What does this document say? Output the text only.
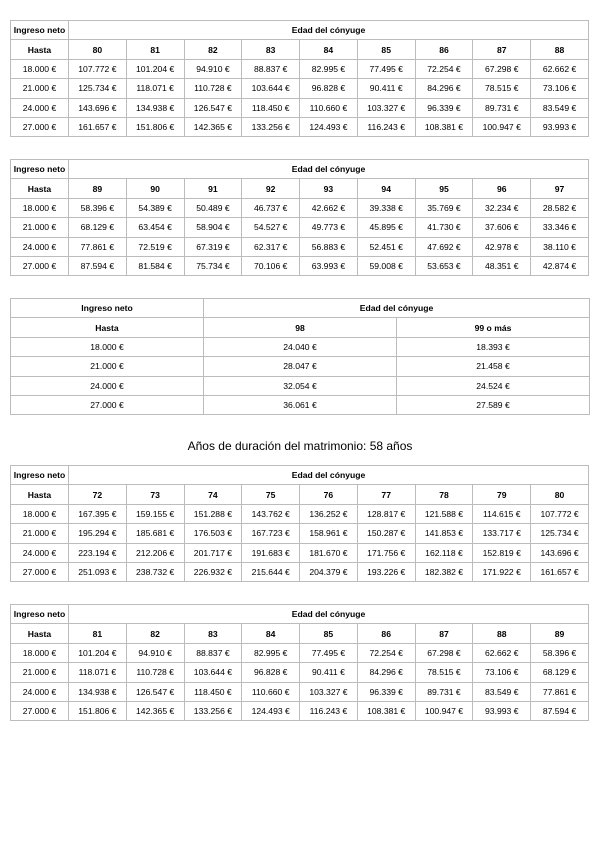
Ingreso neto	Edad del cónyuge								
Hasta	80	81	82	83	84	85	86	87	88
18.000 €	107.772 €	101.204 €	94.910 €	88.837 €	82.995 €	77.495 €	72.254 €	67.298 €	62.662 €
21.000 €	125.734 €	118.071 €	110.728 €	103.644 €	96.828 €	90.411 €	84.296 €	78.515 €	73.106 €
24.000 €	143.696 €	134.938 €	126.547 €	118.450 €	110.660 €	103.327 €	96.339 €	89.731 €	83.549 €
27.000 €	161.657 €	151.806 €	142.365 €	133.256 €	124.493 €	116.243 €	108.381 €	100.947 €	93.993 €
Ingreso neto	Edad del cónyuge								
Hasta	89	90	91	92	93	94	95	96	97
18.000 €	58.396 €	54.389 €	50.489 €	46.737 €	42.662 €	39.338 €	35.769 €	32.234 €	28.582 €
21.000 €	68.129 €	63.454 €	58.904 €	54.527 €	49.773 €	45.895 €	41.730 €	37.606 €	33.346 €
24.000 €	77.861 €	72.519 €	67.319 €	62.317 €	56.883 €	52.451 €	47.692 €	42.978 €	38.110 €
27.000 €	87.594 €	81.584 €	75.734 €	70.106 €	63.993 €	59.008 €	53.653 €	48.351 €	42.874 €
Ingreso neto	Edad del cónyuge	
Hasta	98	99 o más
18.000 €	24.040 €	18.393 €
21.000 €	28.047 €	21.458 €
24.000 €	32.054 €	24.524 €
27.000 €	36.061 €	27.589 €
Años de duración del matrimonio: 58 años
Ingreso neto	Edad del cónyuge								
Hasta	72	73	74	75	76	77	78	79	80
18.000 €	167.395 €	159.155 €	151.288 €	143.762 €	136.252 €	128.817 €	121.588 €	114.615 €	107.772 €
21.000 €	195.294 €	185.681 €	176.503 €	167.723 €	158.961 €	150.287 €	141.853 €	133.717 €	125.734 €
24.000 €	223.194 €	212.206 €	201.717 €	191.683 €	181.670 €	171.756 €	162.118 €	152.819 €	143.696 €
27.000 €	251.093 €	238.732 €	226.932 €	215.644 €	204.379 €	193.226 €	182.382 €	171.922 €	161.657 €
Ingreso neto	Edad del cónyuge								
Hasta	81	82	83	84	85	86	87	88	89
18.000 €	101.204 €	94.910 €	88.837 €	82.995 €	77.495 €	72.254 €	67.298 €	62.662 €	58.396 €
21.000 €	118.071 €	110.728 €	103.644 €	96.828 €	90.411 €	84.296 €	78.515 €	73.106 €	68.129 €
24.000 €	134.938 €	126.547 €	118.450 €	110.660 €	103.327 €	96.339 €	89.731 €	83.549 €	77.861 €
27.000 €	151.806 €	142.365 €	133.256 €	124.493 €	116.243 €	108.381 €	100.947 €	93.993 €	87.594 €
